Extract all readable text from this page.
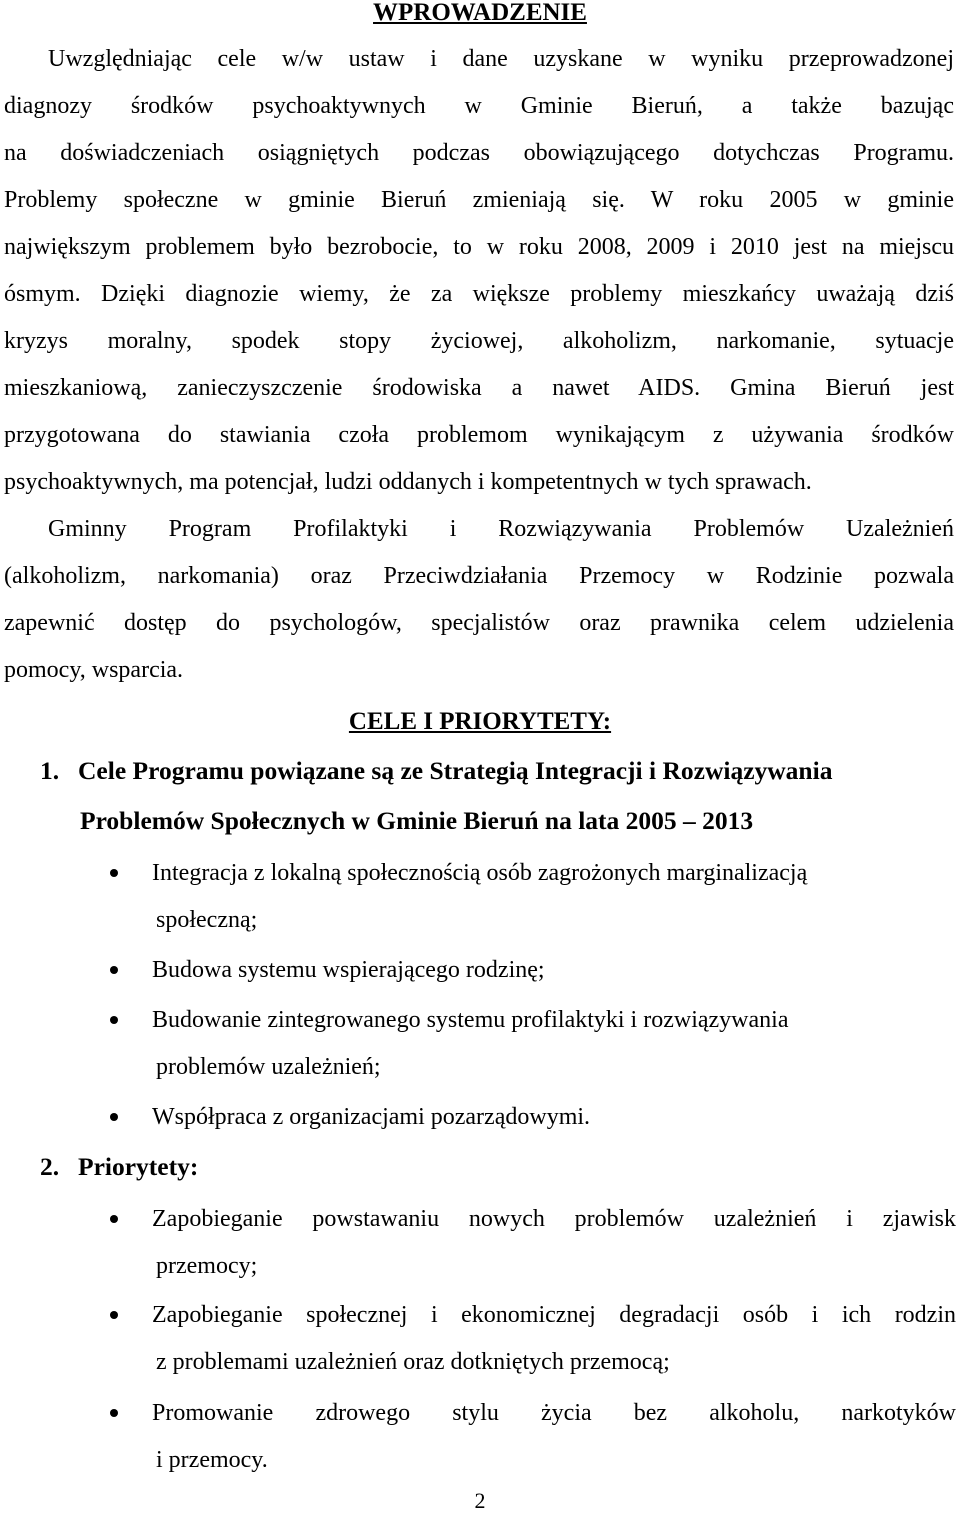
WPROWADZENIE
Uwzględniając cele w/w ustaw i dane uzyskane w wyniku przeprowadzonej
diagnozy środków psychoaktywnych w Gminie Bieruń, a także bazując
na doświadczeniach osiągniętych podczas obowiązującego dotychczas Programu.
Problemy społeczne w gminie Bieruń zmieniają się. W roku 2005 w gminie
największym problemem było bezrobocie, to w roku 2008, 2009 i 2010 jest na miejscu
ósmym. Dzięki diagnozie wiemy, że za większe problemy mieszkańcy uważają dziś
kryzys moralny, spodek stopy życiowej, alkoholizm, narkomanie, sytuacje
mieszkaniową, zanieczyszczenie środowiska a nawet AIDS. Gmina Bieruń jest
przygotowana do stawiania czoła problemom wynikającym z używania środków
psychoaktywnych, ma potencjał, ludzi oddanych i kompetentnych w tych sprawach.
Gminny Program Profilaktyki i Rozwiązywania Problemów Uzależnień
(alkoholizm, narkomania) oraz Przeciwdziałania Przemocy w Rodzinie pozwala
zapewnić dostęp do psychologów, specjalistów oraz prawnika celem udzielenia
pomocy, wsparcia.
CELE I PRIORYTETY:
1. Cele Programu powiązane są ze Strategią Integracji i Rozwiązywania
Problemów Społecznych w Gminie Bieruń na lata 2005 – 2013
Integracja z lokalną społecznością osób zagrożonych marginalizacją
społeczną;
Budowa systemu wspierającego rodzinę;
Budowanie zintegrowanego systemu profilaktyki i rozwiązywania
problemów uzależnień;
Współpraca z organizacjami pozarządowymi.
2. Priorytety:
Zapobieganie powstawaniu nowych problemów uzależnień i zjawisk
przemocy;
Zapobieganie społecznej i ekonomicznej degradacji osób i ich rodzin
z problemami uzależnień oraz dotkniętych przemocą;
Promowanie zdrowego stylu życia bez alkoholu, narkotyków
i przemocy.
2
